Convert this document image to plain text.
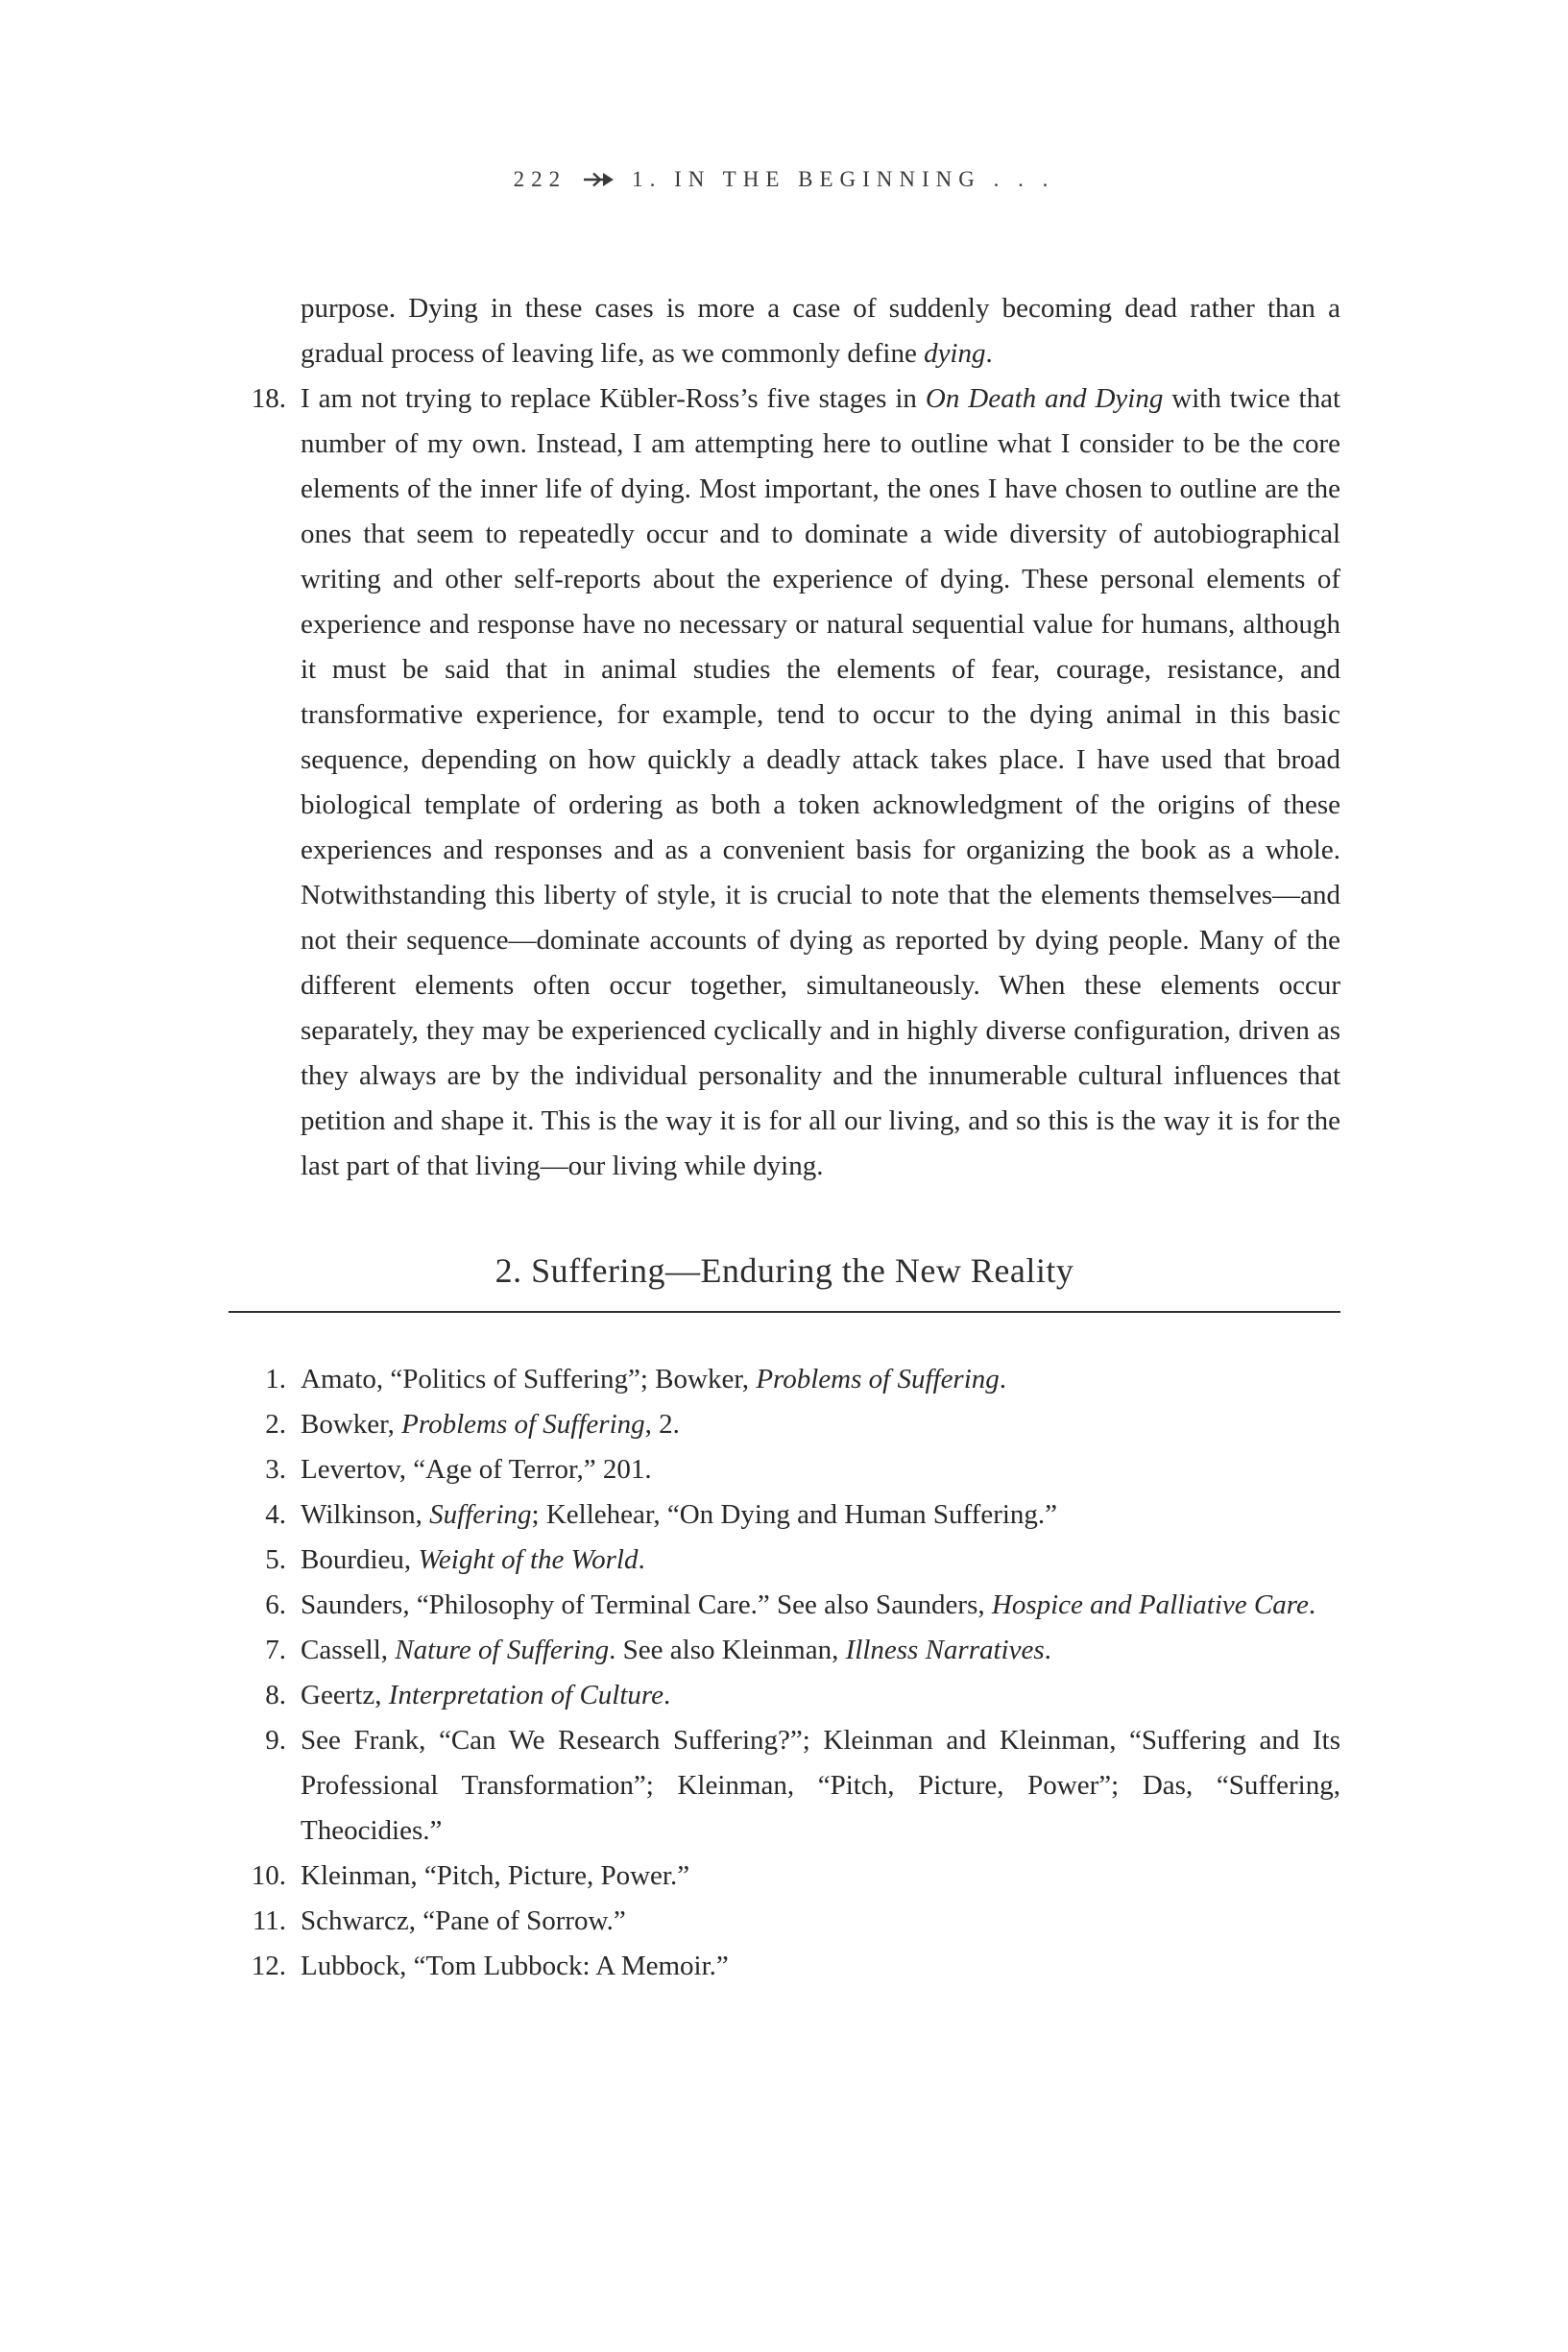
222	1. IN THE BEGINNING . . .

purpose. Dying in these cases is more a case of suddenly becoming dead rather than a gradual process of leaving life, as we commonly define dying.

18. I am not trying to replace Kübler-Ross’s five stages in On Death and Dying with twice that number of my own. Instead, I am attempting here to outline what I consider to be the core elements of the inner life of dying. Most important, the ones I have chosen to outline are the ones that seem to repeatedly occur and to dominate a wide diversity of autobiographical writing and other self-reports about the experience of dying. These personal elements of experience and response have no necessary or natural sequential value for humans, although it must be said that in animal studies the elements of fear, courage, resistance, and transformative experience, for example, tend to occur to the dying animal in this basic sequence, depending on how quickly a deadly attack takes place. I have used that broad biological template of ordering as both a token acknowledgment of the origins of these experiences and responses and as a convenient basis for organizing the book as a whole. Notwithstanding this liberty of style, it is crucial to note that the elements themselves—and not their sequence—dominate accounts of dying as reported by dying people. Many of the different elements often occur together, simultaneously. When these elements occur separately, they may be experienced cyclically and in highly diverse configuration, driven as they always are by the individual personality and the innumerable cultural influences that petition and shape it. This is the way it is for all our living, and so this is the way it is for the last part of that living—our living while dying.
2. Suffering—Enduring the New Reality
1. Amato, “Politics of Suffering”; Bowker, Problems of Suffering.
2. Bowker, Problems of Suffering, 2.
3. Levertov, “Age of Terror,” 201.
4. Wilkinson, Suffering; Kellehear, “On Dying and Human Suffering.”
5. Bourdieu, Weight of the World.
6. Saunders, “Philosophy of Terminal Care.” See also Saunders, Hospice and Palliative Care.
7. Cassell, Nature of Suffering. See also Kleinman, Illness Narratives.
8. Geertz, Interpretation of Culture.
9. See Frank, “Can We Research Suffering?”; Kleinman and Kleinman, “Suffering and Its Professional Transformation”; Kleinman, “Pitch, Picture, Power”; Das, “Suffering, Theocidies.”
10. Kleinman, “Pitch, Picture, Power.”
11. Schwarcz, “Pane of Sorrow.”
12. Lubbock, “Tom Lubbock: A Memoir.”
